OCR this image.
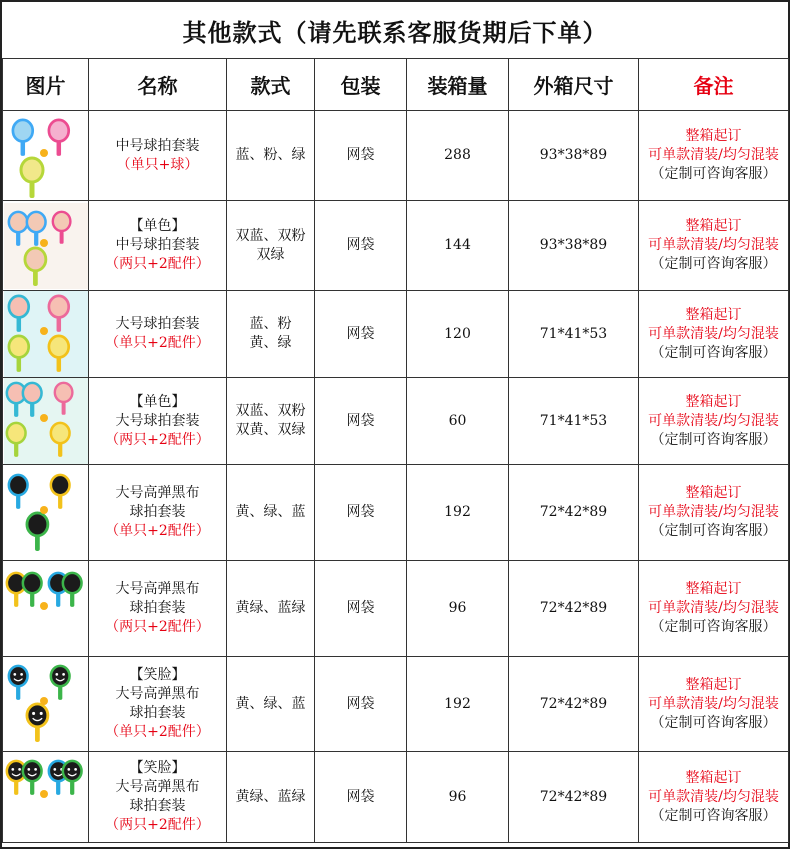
其他款式（请先联系客服货期后下单）
图片	名称	款式	包装	装箱量	外箱尺寸	备注

中号球拍套装
（单只+球）	蓝、粉、绿	网袋	288	93*38*89	整箱起订
可单款清装/均匀混装
（定制可咨询客服）

【单色】
中号球拍套装
（两只+2配件）	双蓝、双粉
双绿	网袋	144	93*38*89	整箱起订
可单款清装/均匀混装
（定制可咨询客服）

大号球拍套装
（单只+2配件）	蓝、粉
黄、绿	网袋	120	71*41*53	整箱起订
可单款清装/均匀混装
（定制可咨询客服）

【单色】
大号球拍套装
（两只+2配件）	双蓝、双粉
双黄、双绿	网袋	60	71*41*53	整箱起订
可单款清装/均匀混装
（定制可咨询客服）

大号高弹黑布
球拍套装
（单只+2配件）	黄、绿、蓝	网袋	192	72*42*89	整箱起订
可单款清装/均匀混装
（定制可咨询客服）

大号高弹黑布
球拍套装
（两只+2配件）	黄绿、蓝绿	网袋	96	72*42*89	整箱起订
可单款清装/均匀混装
（定制可咨询客服）

【笑脸】
大号高弹黑布
球拍套装
（单只+2配件）	黄、绿、蓝	网袋	192	72*42*89	整箱起订
可单款清装/均匀混装
（定制可咨询客服）

【笑脸】
大号高弹黑布
球拍套装
（两只+2配件）	黄绿、蓝绿	网袋	96	72*42*89	整箱起订
可单款清装/均匀混装
（定制可咨询客服）
